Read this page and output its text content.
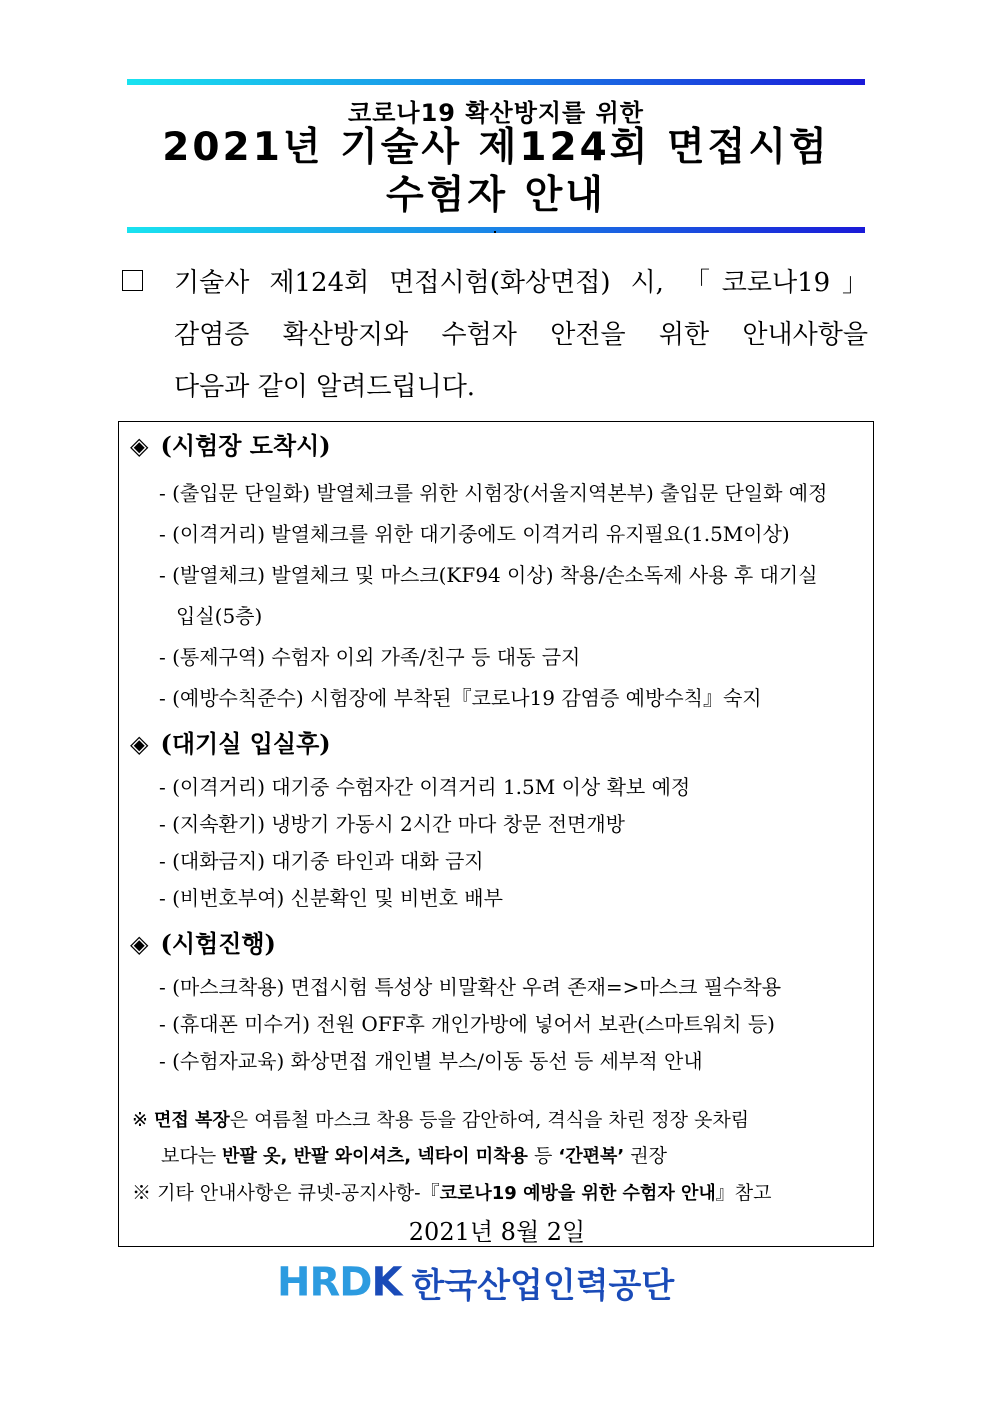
코로나19 확산방지를 위한
2021년 기술사 제124회 면접시험
수험자 안내
기술사 제124회 면접시험(화상면접) 시, 「코로나19」
감염증 확산방지와 수험자 안전을 위한 안내사항을
다음과 같이 알려드립니다.
◈ (시험장 도착시)
- (출입문 단일화) 발열체크를 위한 시험장(서울지역본부) 출입문 단일화 예정
- (이격거리) 발열체크를 위한 대기중에도 이격거리 유지필요(1.5M이상)
- (발열체크) 발열체크 및 마스크(KF94 이상) 착용/손소독제 사용 후 대기실
입실(5층)
- (통제구역) 수험자 이외 가족/친구 등 대동 금지
- (예방수칙준수) 시험장에 부착된『코로나19 감염증 예방수칙』숙지
◈ (대기실 입실후)
- (이격거리) 대기중 수험자간 이격거리 1.5M 이상 확보 예정
- (지속환기) 냉방기 가동시 2시간 마다 창문 전면개방
- (대화금지) 대기중 타인과 대화 금지
- (비번호부여) 신분확인 및 비번호 배부
◈ (시험진행)
- (마스크착용) 면접시험 특성상 비말확산 우려 존재=>마스크 필수착용
- (휴대폰 미수거) 전원 OFF후 개인가방에 넣어서 보관(스마트워치 등)
- (수험자교육) 화상면접 개인별 부스/이동 동선 등 세부적 안내
※ 면접 복장은 여름철 마스크 착용 등을 감안하여, 격식을 차린 정장 옷차림
보다는 반팔 옷, 반팔 와이셔츠, 넥타이 미착용 등 ‘간편복’ 권장
※ 기타 안내사항은 큐넷-공지사항-『코로나19 예방을 위한 수험자 안내』참고
2021년 8월 2일
HRDK 한국산업인력공단
